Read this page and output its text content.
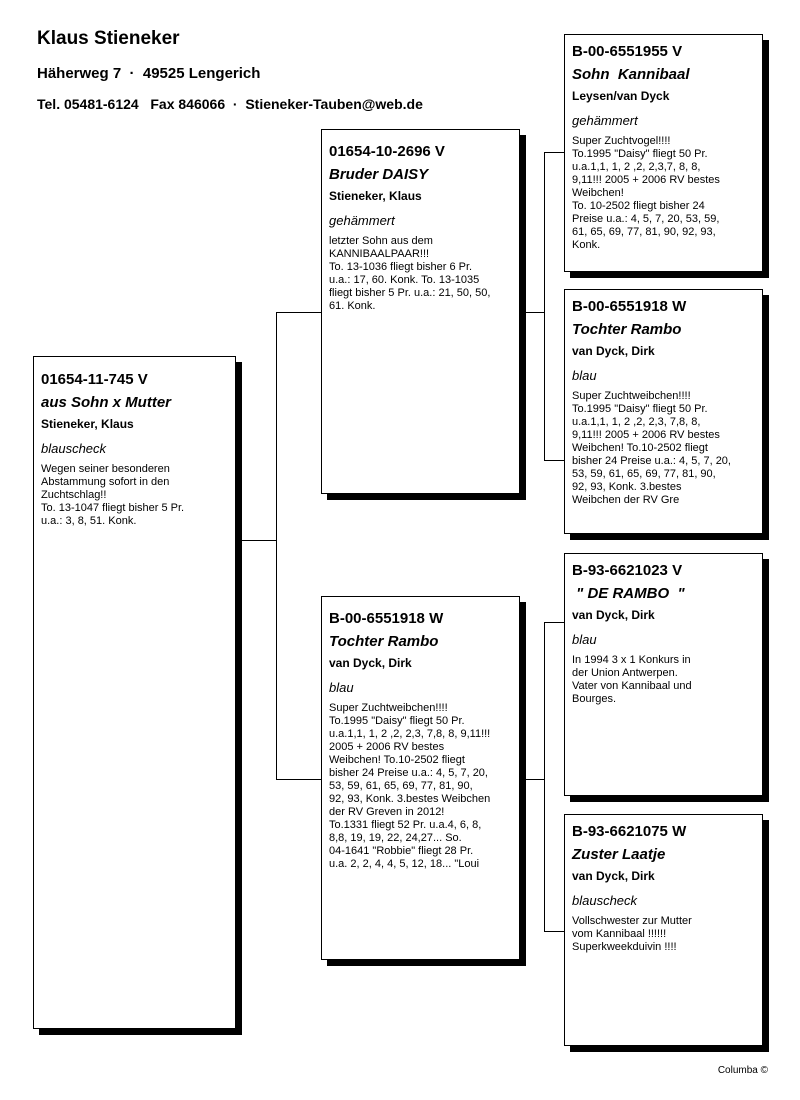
Klaus Stieneker
Häherweg 7  ·  49525 Lengerich
Tel. 05481-6124   Fax 846066  ·  Stieneker-Tauben@web.de
01654-11-745 V
aus Sohn x Mutter
Stieneker, Klaus
blauscheck
Wegen seiner besonderen
Abstammung sofort in den
Zuchtschlag!!
To. 13-1047 fliegt bisher 5 Pr.
u.a.: 3, 8, 51. Konk.
01654-10-2696 V
Bruder DAISY
Stieneker, Klaus
gehämmert
letzter Sohn aus dem
KANNIBAALPAAR!!!
To. 13-1036 fliegt bisher 6 Pr.
u.a.: 17, 60. Konk. To. 13-1035
fliegt bisher 5 Pr. u.a.: 21, 50, 50,
61. Konk.
B-00-6551918 W
Tochter Rambo
van Dyck, Dirk
blau
Super Zuchtweibchen!!!!
To.1995 "Daisy" fliegt 50 Pr.
u.a.1,1, 1, 2 ,2, 2,3, 7,8, 8, 9,11!!!
2005 + 2006 RV bestes
Weibchen! To.10-2502 fliegt
bisher 24 Preise u.a.: 4, 5, 7, 20,
53, 59, 61, 65, 69, 77, 81, 90,
92, 93, Konk. 3.bestes Weibchen
der RV Greven in 2012!
To.1331 fliegt 52 Pr. u.a.4, 6, 8,
8,8, 19, 19, 22, 24,27... So.
04-1641 "Robbie" fliegt 28 Pr.
u.a. 2, 2, 4, 4, 5, 12, 18... "Loui
B-00-6551955 V
Sohn  Kannibaal
Leysen/van Dyck
gehämmert
Super Zuchtvogel!!!!
To.1995 "Daisy" fliegt 50 Pr.
u.a.1,1, 1, 2 ,2, 2,3,7, 8, 8,
9,11!!! 2005 + 2006 RV bestes
Weibchen!
To. 10-2502 fliegt bisher 24
Preise u.a.: 4, 5, 7, 20, 53, 59,
61, 65, 69, 77, 81, 90, 92, 93,
Konk.
B-00-6551918 W
Tochter Rambo
van Dyck, Dirk
blau
Super Zuchtweibchen!!!!
To.1995 "Daisy" fliegt 50 Pr.
u.a.1,1, 1, 2 ,2, 2,3, 7,8, 8,
9,11!!! 2005 + 2006 RV bestes
Weibchen! To.10-2502 fliegt
bisher 24 Preise u.a.: 4, 5, 7, 20,
53, 59, 61, 65, 69, 77, 81, 90,
92, 93, Konk. 3.bestes
Weibchen der RV Gre
B-93-6621023 V
" DE RAMBO  "
van Dyck, Dirk
blau
In 1994 3 x 1 Konkurs in
der Union Antwerpen.
Vater von Kannibaal und
Bourges.
B-93-6621075 W
Zuster Laatje
van Dyck, Dirk
blauscheck
Vollschwester zur Mutter
vom Kannibaal !!!!!!
Superkweekduivin !!!!
Columba ©
